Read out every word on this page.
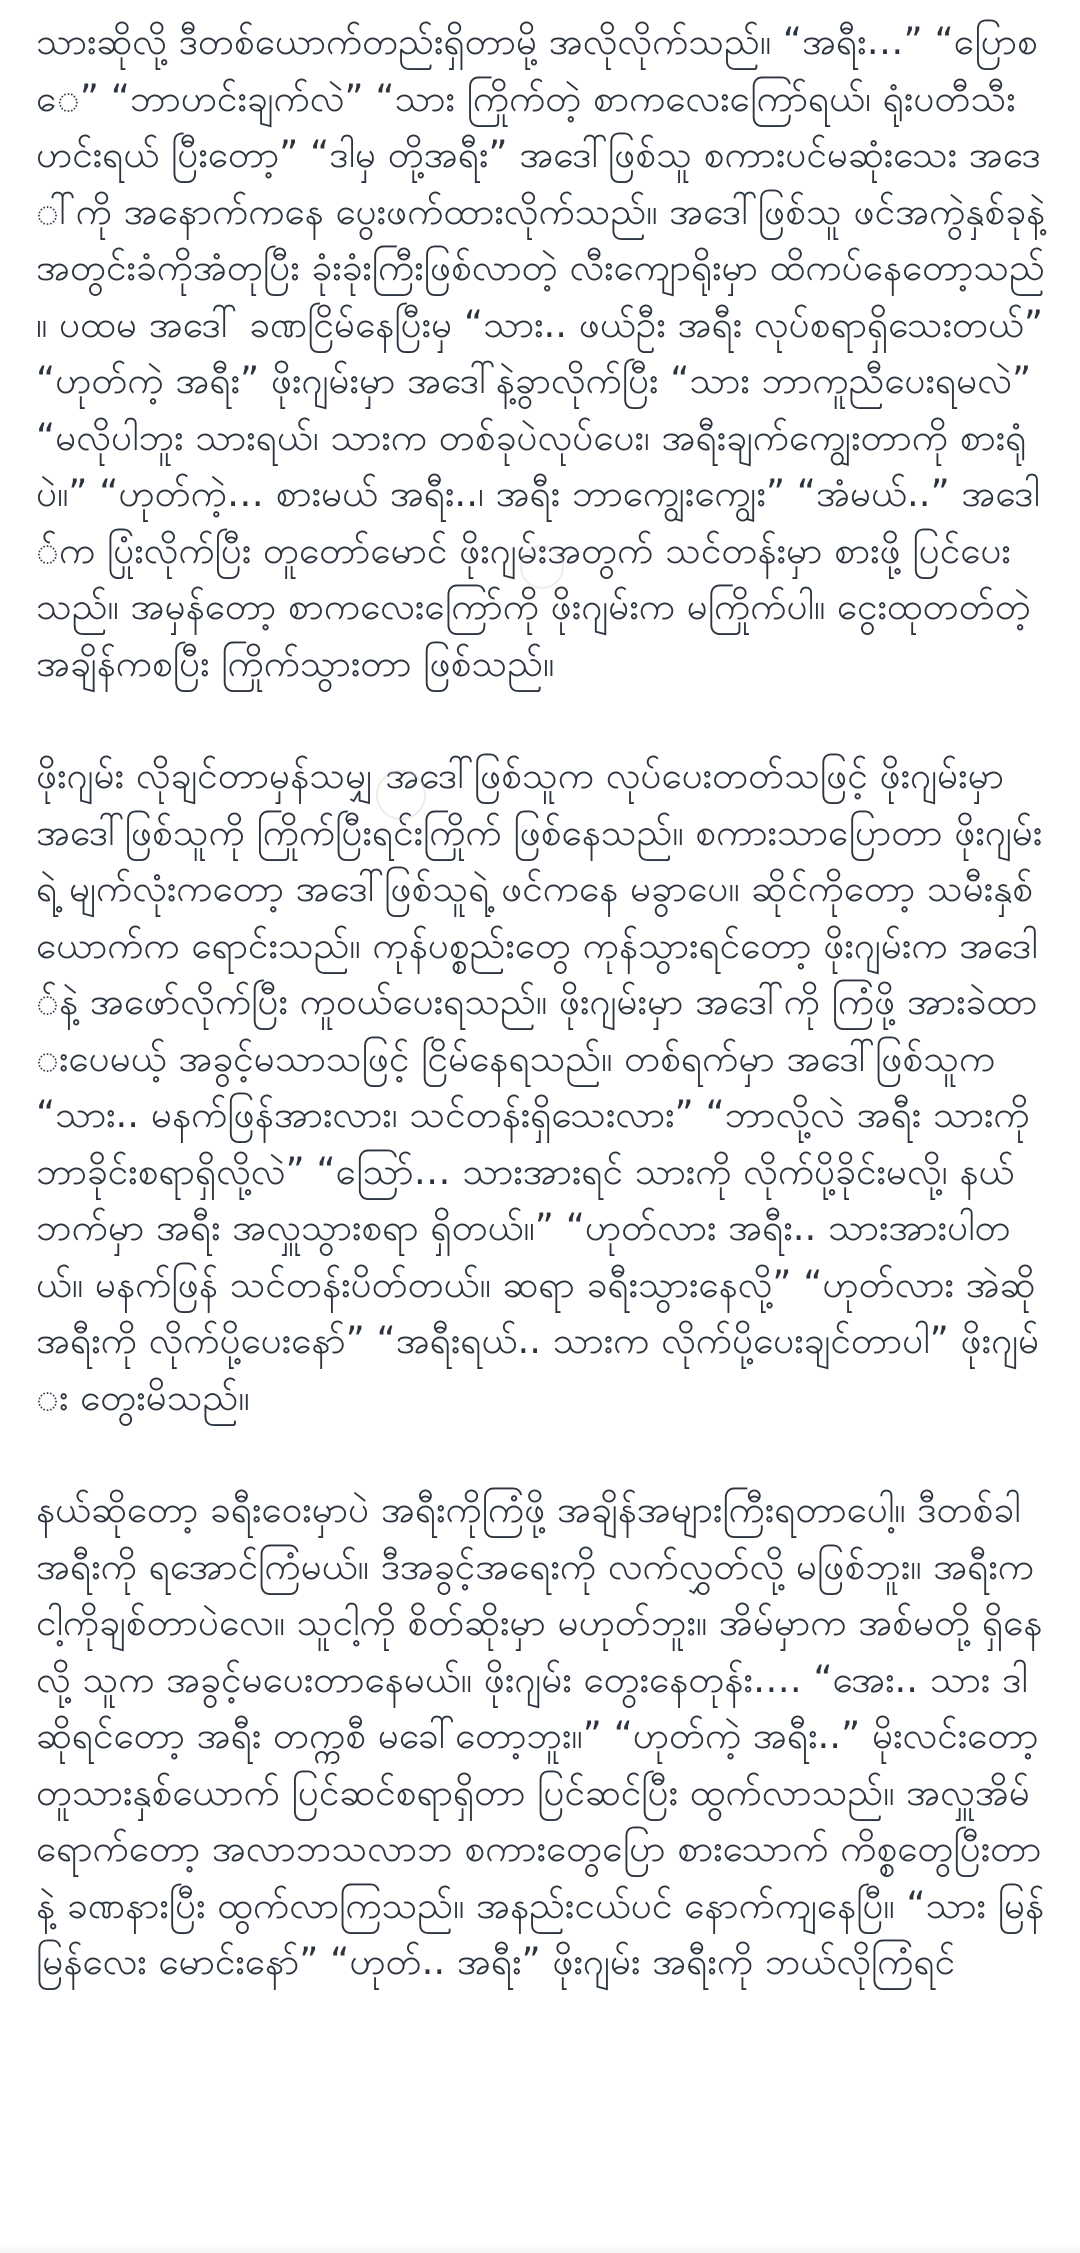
သားဆိုလို့ ဒီတစ်ယောက်တည်းရှိတာမို့ အလိုလိုက်သည်။ “အရီး…” “ပြောစေ” “ဘာဟင်းချက်လဲ” “သား ကြိုက်တဲ့ စာကလေးကြော်ရယ်၊ ရုံးပတီသီးဟင်းရယ် ပြီးတော့” “ဒါမှ တို့အရီး” အဒေါ်ဖြစ်သူ စကားပင်မဆုံးသေး အဒေါ်ကို အနောက်ကနေ ပွေးဖက်ထားလိုက်သည်။ အဒေါ်ဖြစ်သူ ဖင်အကွဲနှစ်ခုနဲ့ အတွင်းခံကိုအံတုပြီး ခုံးခုံးကြီးဖြစ်လာတဲ့ လီးကျောရိုးမှာ ထိကပ်နေတော့သည်။ ပထမ အဒေါ် ခဏငြိမ်နေပြီးမှ “သား.. ဖယ်ဦး အရီး လုပ်စရာရှိသေးတယ်” “ဟုတ်ကဲ့ အရီး” ဖိုးဂျမ်းမှာ အဒေါ်နဲ့ခွာလိုက်ပြီး “သား ဘာကူညီပေးရမလဲ” “မလိုပါဘူး သားရယ်၊ သားက တစ်ခုပဲလုပ်ပေး၊ အရီးချက်ကျွေးတာကို စားရုံပဲ။” “ဟုတ်ကဲ့… စားမယ် အရီး..၊ အရီး ဘာကျွေးကျွေး” “အံမယ်..” အဒေါ်က ပြုံးလိုက်ပြီး တူတော်မောင် ဖိုးဂျမ်းအတွက် သင်တန်းမှာ စားဖို့ ပြင်ပေးသည်။ အမှန်တော့ စာကလေးကြော်ကို ဖိုးဂျမ်းက မကြိုက်ပါ။ ငွေးထုတတ်တဲ့ အချိန်ကစပြီး ကြိုက်သွားတာ ဖြစ်သည်။

ဖိုးဂျမ်း လိုချင်တာမှန်သမျှ အဒေါ်ဖြစ်သူက လုပ်ပေးတတ်သဖြင့် ဖိုးဂျမ်းမှာ အဒေါ်ဖြစ်သူကို ကြိုက်ပြီးရင်းကြိုက် ဖြစ်နေသည်။ စကားသာပြောတာ ဖိုးဂျမ်းရဲ့ မျက်လုံးကတော့ အဒေါ်ဖြစ်သူရဲ့ ဖင်ကနေ မခွာပေ။ ဆိုင်ကိုတော့ သမီးနှစ်ယောက်က ရောင်းသည်။ ကုန်ပစ္စည်းတွေ ကုန်သွားရင်တော့ ဖိုးဂျမ်းက အဒေါ်နဲ့ အဖော်လိုက်ပြီး ကူဝယ်ပေးရသည်။ ဖိုးဂျမ်းမှာ အဒေါ်ကို ကြံဖို့ အားခဲထားပေမယ့် အခွင့်မသာသဖြင့် ငြိမ်နေရသည်။ တစ်ရက်မှာ အဒေါ်ဖြစ်သူက “သား.. မနက်ဖြန်အားလား၊ သင်တန်းရှိသေးလား” “ဘာလို့လဲ အရီး သားကို ဘာခိုင်းစရာရှိလို့လဲ” “သြော်… သားအားရင် သားကို လိုက်ပို့ခိုင်းမလို့၊ နယ်ဘက်မှာ အရီး အလှူသွားစရာ ရှိတယ်။” “ဟုတ်လား အရီး.. သားအားပါတယ်။ မနက်ဖြန် သင်တန်းပိတ်တယ်။ ဆရာ ခရီးသွားနေလို့” “ဟုတ်လား အဲဆို အရီးကို လိုက်ပို့ပေးနော်” “အရီးရယ်.. သားက လိုက်ပို့ပေးချင်တာပါ” ဖိုးဂျမ်း တွေးမိသည်။

နယ်ဆိုတော့ ခရီးဝေးမှာပဲ အရီးကိုကြံဖို့ အချိန်အများကြီးရတာပေါ့။ ဒီတစ်ခါ အရီးကို ရအောင်ကြံမယ်။ ဒီအခွင့်အရေးကို လက်လွှတ်လို့ မဖြစ်ဘူး။ အရီးက ငါ့ကိုချစ်တာပဲလေ။ သူငါ့ကို စိတ်ဆိုးမှာ မဟုတ်ဘူး။ အိမ်မှာက အစ်မတို့ ရှိနေလို့ သူက အခွင့်မပေးတာနေမယ်။ ဖိုးဂျမ်း တွေးနေတုန်း…. “အေး.. သား ဒါဆိုရင်တော့ အရီး တက္ကစီ မခေါ်တော့ဘူး။” “ဟုတ်ကဲ့ အရီး..” မိုးလင်းတော့ တူသားနှစ်ယောက် ပြင်ဆင်စရာရှိတာ ပြင်ဆင်ပြီး ထွက်လာသည်။ အလှူအိမ်ရောက်တော့ အလာဘသလာဘ စကားတွေပြော စားသောက် ကိစ္စတွေပြီးတာနဲ့ ခဏနားပြီး ထွက်လာကြသည်။ အနည်းငယ်ပင် နောက်ကျနေပြီ။ “သား မြန်မြန်လေး မောင်းနော်” “ဟုတ်.. အရီး” ဖိုးဂျမ်း အရီးကို ဘယ်လိုကြံရင်
